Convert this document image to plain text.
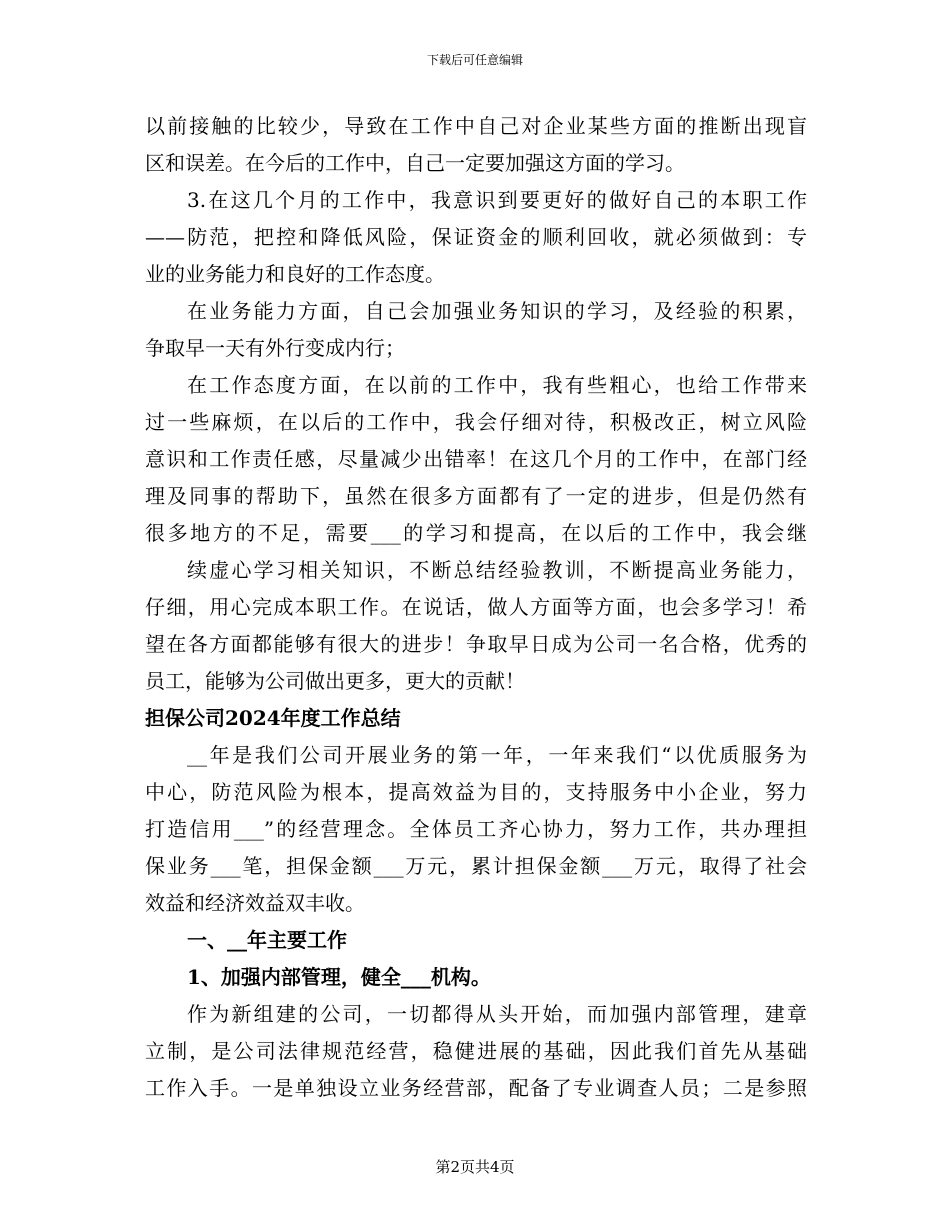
下载后可任意编辑
以前接触的比较少，导致在工作中自己对企业某些方面的推断出现盲
区和误差。在今后的工作中，自己一定要加强这方面的学习。
3.在这几个月的工作中，我意识到要更好的做好自己的本职工作
——防范，把控和降低风险，保证资金的顺利回收，就必须做到：专
业的业务能力和良好的工作态度。
在业务能力方面，自己会加强业务知识的学习，及经验的积累，
争取早一天有外行变成内行；
在工作态度方面，在以前的工作中，我有些粗心，也给工作带来
过一些麻烦，在以后的工作中，我会仔细对待，积极改正，树立风险
意识和工作责任感，尽量减少出错率！在这几个月的工作中，在部门经
理及同事的帮助下，虽然在很多方面都有了一定的进步，但是仍然有
很多地方的不足，需要___的学习和提高，在以后的工作中，我会继
续虚心学习相关知识，不断总结经验教训，不断提高业务能力，
仔细，用心完成本职工作。在说话，做人方面等方面，也会多学习！希
望在各方面都能够有很大的进步！争取早日成为公司一名合格，优秀的
员工，能够为公司做出更多，更大的贡献！
担保公司2024年度工作总结
__年是我们公司开展业务的第一年，一年来我们“以优质服务为
中心，防范风险为根本，提高效益为目的，支持服务中小企业，努力
打造信用___”的经营理念。全体员工齐心协力，努力工作，共办理担
保业务___笔，担保金额___万元，累计担保金额___万元，取得了社会
效益和经济效益双丰收。
一、__年主要工作
1、加强内部管理，健全___机构。
作为新组建的公司，一切都得从头开始，而加强内部管理，建章
立制，是公司法律规范经营，稳健进展的基础，因此我们首先从基础
工作入手。一是单独设立业务经营部，配备了专业调查人员；二是参照
第2页共4页
